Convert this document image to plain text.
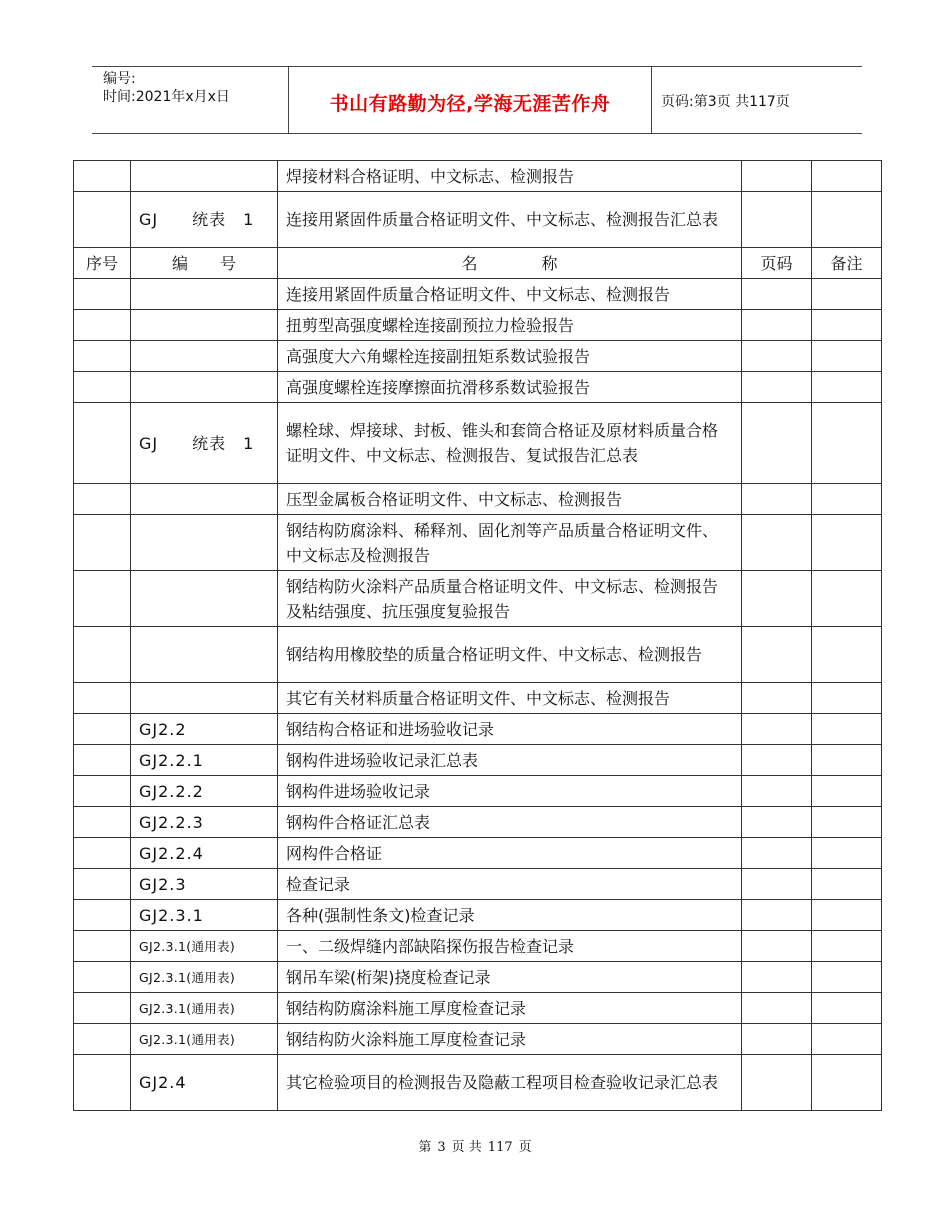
编号:
时间:2021年x月x日	书山有路勤为径,学海无涯苦作舟	页码:第3页 共117页
		焊接材料合格证明、中文标志、检测报告		
	GJ　　统表　1	连接用紧固件质量合格证明文件、中文标志、检测报告汇总表		
序号	编　　号	名　　　　称	页码	备注
		连接用紧固件质量合格证明文件、中文标志、检测报告		
		扭剪型高强度螺栓连接副预拉力检验报告		
		高强度大六角螺栓连接副扭矩系数试验报告		
		高强度螺栓连接摩擦面抗滑移系数试验报告		
	GJ　　统表　1	螺栓球、焊接球、封板、锥头和套筒合格证及原材料质量合格证明文件、中文标志、检测报告、复试报告汇总表		
		压型金属板合格证明文件、中文标志、检测报告		
		钢结构防腐涂料、稀释剂、固化剂等产品质量合格证明文件、中文标志及检测报告		
		钢结构防火涂料产品质量合格证明文件、中文标志、检测报告及粘结强度、抗压强度复验报告		
		钢结构用橡胶垫的质量合格证明文件、中文标志、检测报告		
		其它有关材料质量合格证明文件、中文标志、检测报告		
	GJ2.2	钢结构合格证和进场验收记录		
	GJ2.2.1	钢构件进场验收记录汇总表		
	GJ2.2.2	钢构件进场验收记录		
	GJ2.2.3	钢构件合格证汇总表		
	GJ2.2.4	网构件合格证		
	GJ2.3	检查记录		
	GJ2.3.1	各种(强制性条文)检查记录		
	GJ2.3.1(通用表)	一、二级焊缝内部缺陷探伤报告检查记录		
	GJ2.3.1(通用表)	钢吊车梁(桁架)挠度检查记录		
	GJ2.3.1(通用表)	钢结构防腐涂料施工厚度检查记录		
	GJ2.3.1(通用表)	钢结构防火涂料施工厚度检查记录		
	GJ2.4	其它检验项目的检测报告及隐蔽工程项目检查验收记录汇总表		
第 3 页 共 117 页
